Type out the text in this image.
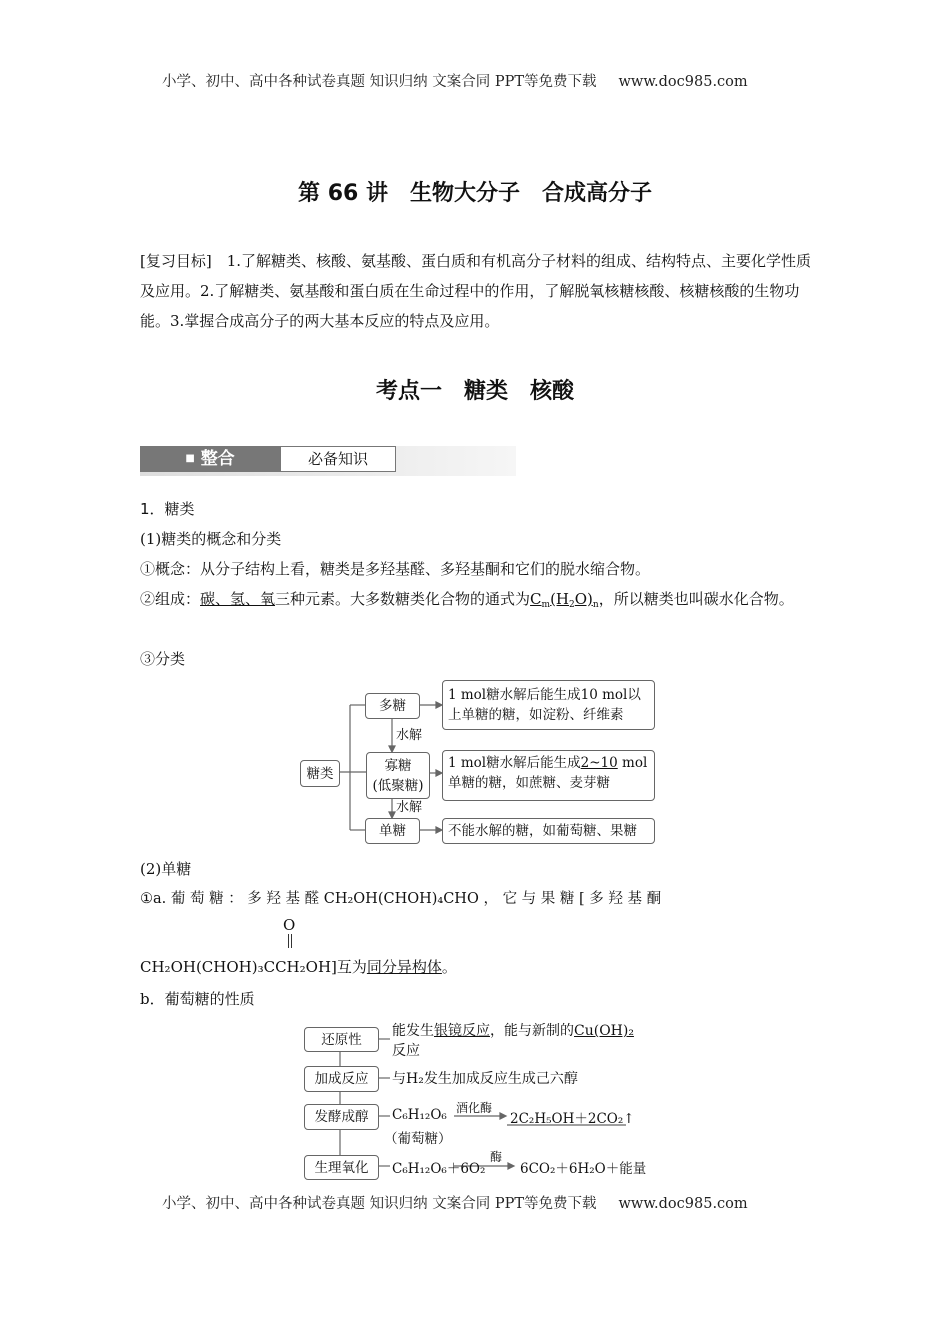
小学、初中、高中各种试卷真题 知识归纳 文案合同 PPT等免费下载 www.doc985.com
第 66 讲　生物大分子　合成高分子
[复习目标]　 1.了解糖类、核酸、氨基酸、蛋白质和有机高分子材料的组成、结构特点、主要化学性质及应用。2.了解糖类、氨基酸和蛋白质在生命过程中的作用，了解脱氧核糖核酸、核糖核酸的生物功能。3.掌握合成高分子的两大基本反应的特点及应用。
考点一　糖类　核酸
■ 整合	必备知识
1．糖类
(1)糖类的概念和分类
①概念：从分子结构上看，糖类是多羟基醛、多羟基酮和它们的脱水缩合物。
②组成：碳、氢、氧三种元素。大多数糖类化合物的通式为$C_m(H_2O)_n$，所以糖类也叫碳水化合物。
③分类
糖类
多糖
寡糖
(低聚糖)
单糖
水解
水解
1 mol糖水解后能生成10 mol以上单糖的糖，如淀粉、纤维素
1 mol糖水解后能生成2~10 mol单糖的糖，如蔗糖、麦芽糖
不能水解的糖，如葡萄糖、果糖
(2)单糖
①a. 葡 萄 糖 ： 多 羟 基 醛 CH₂OH(CHOH)₄CHO ， 它 与 果 糖 [ 多 羟 基 酮
O
CH₂OH(CHOH)₃CCH₂OH]互为同分异构体。
b．葡萄糖的性质
还原性
加成反应
发酵成醇
生理氧化
能发生银镜反应，能与新制的Cu(OH)₂
反应
与H₂发生加成反应生成己六醇
C₆H₁₂O₆
（葡萄糖）
酒化酶
2C₂H₅OH＋2CO₂↑
C₆H₁₂O₆＋6O₂
酶
6CO₂＋6H₂O＋能量
小学、初中、高中各种试卷真题 知识归纳 文案合同 PPT等免费下载 www.doc985.com
